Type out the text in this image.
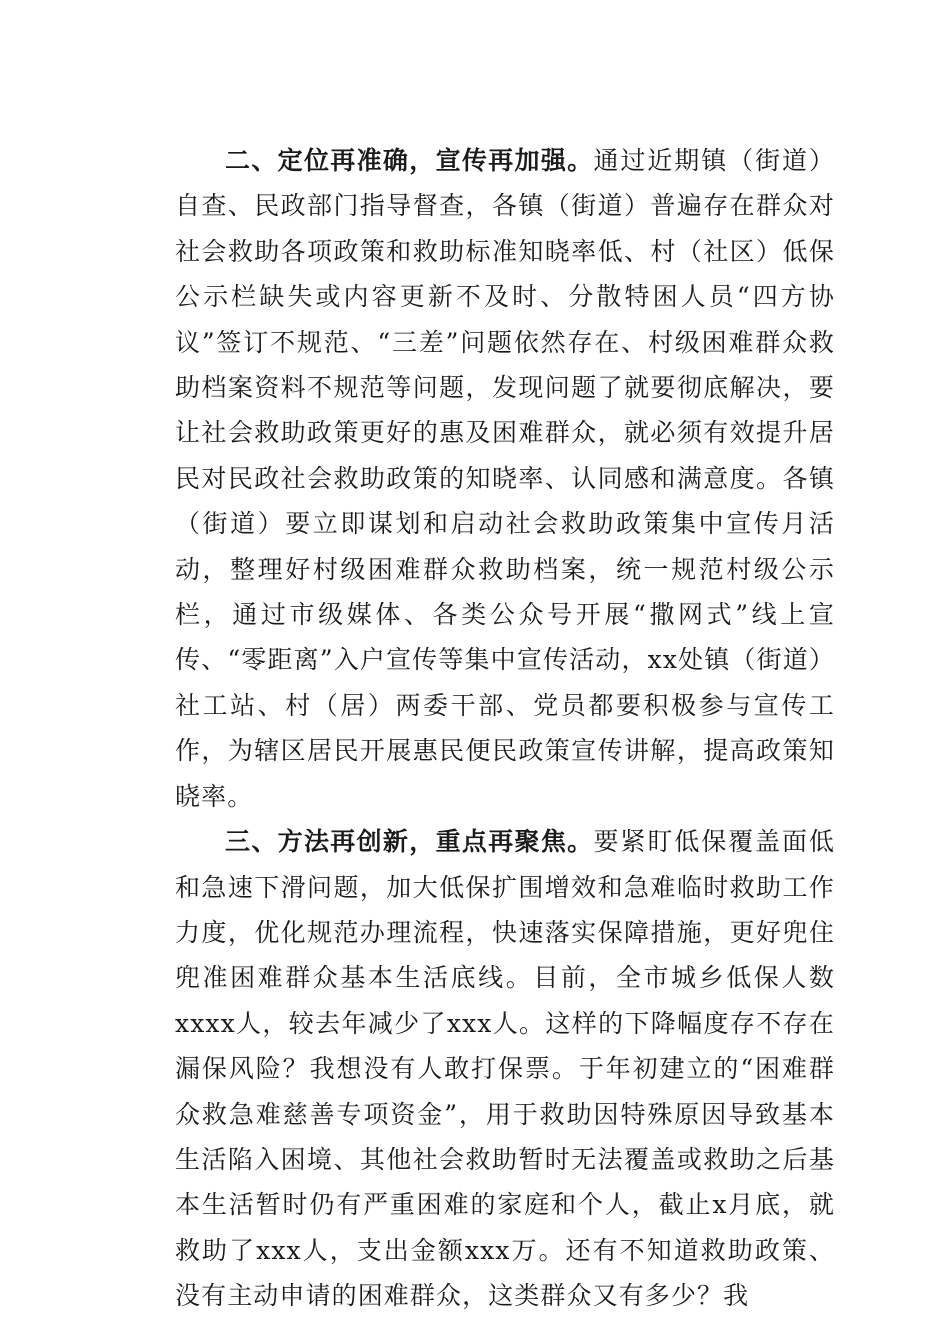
二、定位再准确，宣传再加强。通过近期镇（街道）自查、民政部门指导督查，各镇（街道）普遍存在群众对社会救助各项政策和救助标准知晓率低、村（社区）低保公示栏缺失或内容更新不及时、分散特困人员“四方协议”签订不规范、“三差”问题依然存在、村级困难群众救助档案资料不规范等问题，发现问题了就要彻底解决，要让社会救助政策更好的惠及困难群众，就必须有效提升居民对民政社会救助政策的知晓率、认同感和满意度。各镇（街道）要立即谋划和启动社会救助政策集中宣传月活动，整理好村级困难群众救助档案，统一规范村级公示栏，通过市级媒体、各类公众号开展“撒网式”线上宣传、“零距离”入户宣传等集中宣传活动，xx处镇（街道）社工站、村（居）两委干部、党员都要积极参与宣传工作，为辖区居民开展惠民便民政策宣传讲解，提高政策知晓率。

三、方法再创新，重点再聚焦。要紧盯低保覆盖面低和急速下滑问题，加大低保扩围增效和急难临时救助工作力度，优化规范办理流程，快速落实保障措施，更好兜住兜准困难群众基本生活底线。目前，全市城乡低保人数xxxx人，较去年减少了xxx人。这样的下降幅度存不存在漏保风险？我想没有人敢打保票。于年初建立的“困难群众救急难慈善专项资金”，用于救助因特殊原因导致基本生活陷入困境、其他社会救助暂时无法覆盖或救助之后基本生活暂时仍有严重困难的家庭和个人，截止x月底，就救助了xxx人，支出金额xxx万。还有不知道救助政策、没有主动申请的困难群众，这类群众又有多少？我
